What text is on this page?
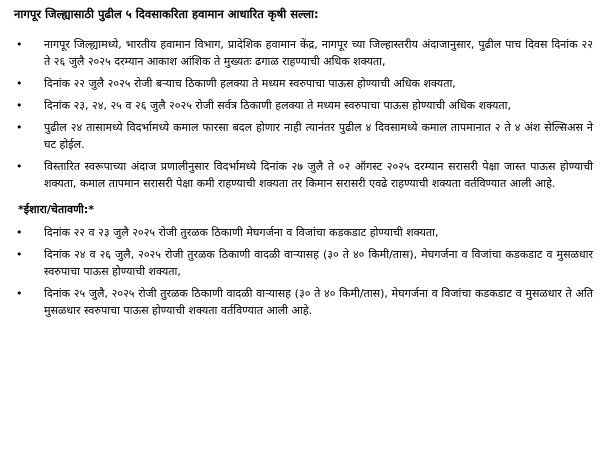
नागपूर जिल्ह्यासाठी पुढील ५ दिवसाकरिता हवामान आधारित कृषी सल्ला:
•	नागपूर जिल्ह्यामध्ये, भारतीय हवामान विभाग, प्रादेशिक हवामान केंद्र, नागपूर च्या जिल्हास्तरीय अंदाजानुसार, पुढील पाच दिवस दिनांक २२ ते २६ जुलै २०२५ दरम्यान आकाश आंशिक ते मुख्यतः ढगाळ राहण्याची अधिक शक्यता,
•	दिनांक २२ जुलै २०२५ रोजी बऱ्याच ठिकाणी हलक्या ते मध्यम स्वरुपाचा पाऊस होण्याची अधिक शक्यता,
•	दिनांक २३, २४, २५ व २६ जुलै २०२५ रोजी सर्वत्र ठिकाणी हलक्या ते मध्यम स्वरुपाचा पाऊस होण्याची अधिक शक्यता,
•	पुढील २४ तासामध्ये विदर्भामध्ये कमाल फारसा बदल होणार नाही त्यानंतर पुढील ४ दिवसामध्ये कमाल तापमानात २ ते ४ अंश सेल्सिअस ने घट होईल.
•	विस्तारित स्वरूपाच्या अंदाज प्रणालीनुसार विदर्भामध्ये दिनांक २७ जुलै ते ०२ ऑगस्ट २०२५ दरम्यान सरासरी पेक्षा जास्त पाऊस होण्याची शक्यता, कमाल तापमान सरासरी पेक्षा कमी राहण्याची शक्यता तर किमान सरासरी एवढे राहण्याची शक्यता वर्तविण्यात आली आहे.
*ईशारा/चेतावणी:*
•	दिनांक २२ व २३ जुलै २०२५ रोजी तुरळक ठिकाणी मेघगर्जना व विजांचा कडकडाट होण्याची शक्यता,
•	दिनांक २४ व २६ जुलै, २०२५ रोजी तुरळक ठिकाणी वादळी वाऱ्यासह (३० ते ४० किमी/तास), मेघगर्जना व विजांचा कडकडाट व मुसळधार स्वरुपाचा पाऊस होण्याची शक्यता,
•	दिनांक २५ जुलै, २०२५ रोजी तुरळक ठिकाणी वादळी वाऱ्यासह (३० ते ४० किमी/तास), मेघगर्जना व विजांचा कडकडाट व मुसळधार ते अति मुसळधार स्वरुपाचा पाऊस होण्याची शक्यता वर्तविण्यात आली आहे.
